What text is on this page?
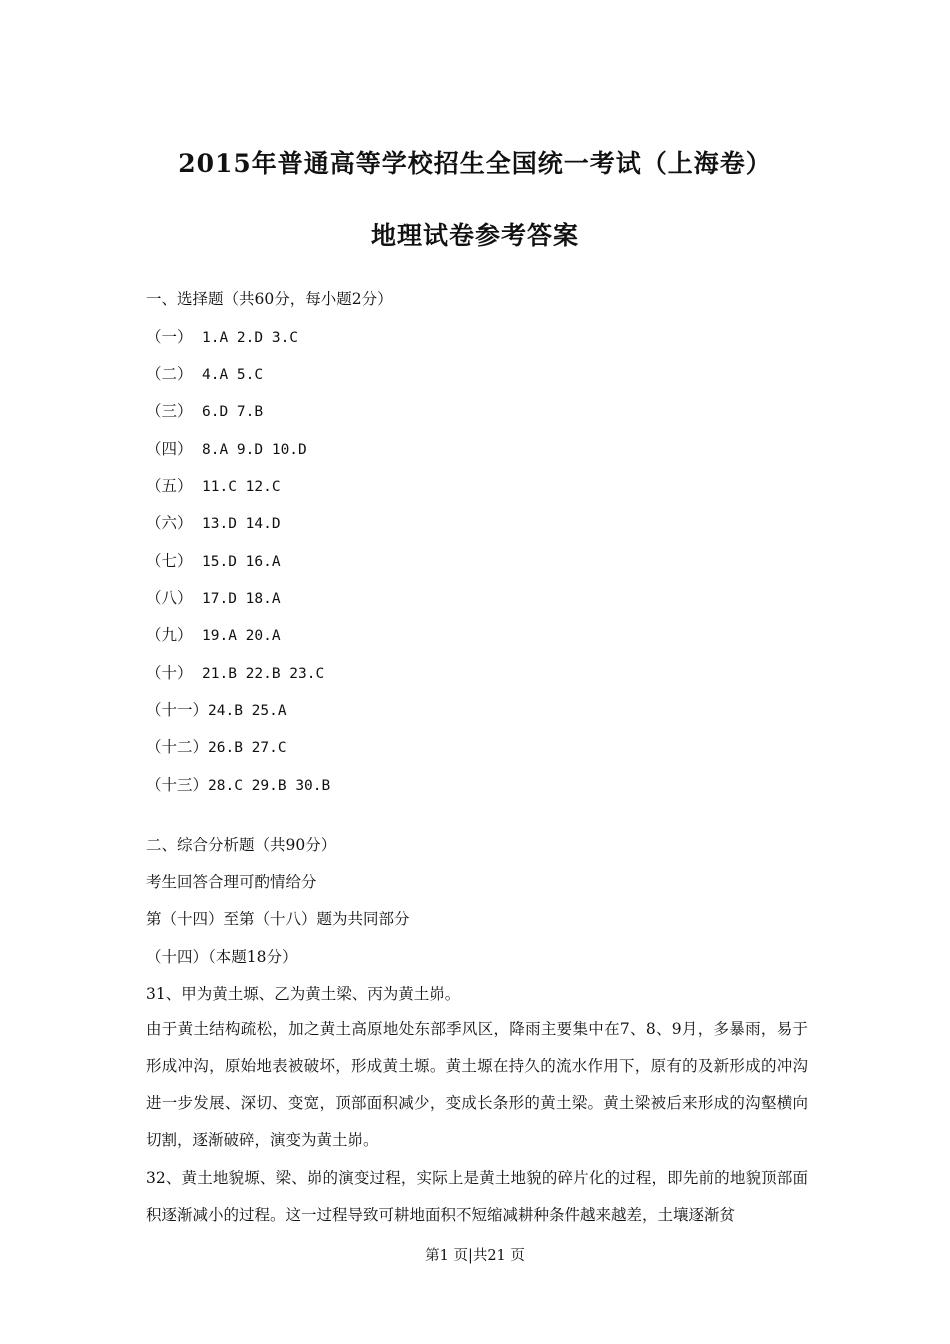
2015年普通高等学校招生全国统一考试（上海卷）
地理试卷参考答案

一、选择题（共60分，每小题2分）

（一） 1.A 2.D 3.C
（二） 4.A 5.C
（三） 6.D 7.B
（四） 8.A 9.D 10.D
（五） 11.C 12.C
（六） 13.D 14.D
（七） 15.D 16.A
（八） 17.D 18.A
（九） 19.A 20.A
（十） 21.B 22.B 23.C
（十一）24.B 25.A
（十二）26.B 27.C
（十三）28.C 29.B 30.B

二、综合分析题（共90分）

考生回答合理可酌情给分

第（十四）至第（十八）题为共同部分

（十四）（本题18分）

31、甲为黄土塬、乙为黄土梁、丙为黄土峁。

由于黄土结构疏松，加之黄土高原地处东部季风区，降雨主要集中在7、8、9月，多暴雨，易于形成冲沟，原始地表被破坏，形成黄土塬。黄土塬在持久的流水作用下，原有的及新形成的冲沟进一步发展、深切、变宽，顶部面积减少，变成长条形的黄土梁。黄土梁被后来形成的沟壑横向切割，逐渐破碎，演变为黄土峁。

32、黄土地貌塬、梁、峁的演变过程，实际上是黄土地貌的碎片化的过程，即先前的地貌顶部面积逐渐减小的过程。这一过程导致可耕地面积不短缩减耕种条件越来越差，土壤逐渐贫

第1 页|共21 页
